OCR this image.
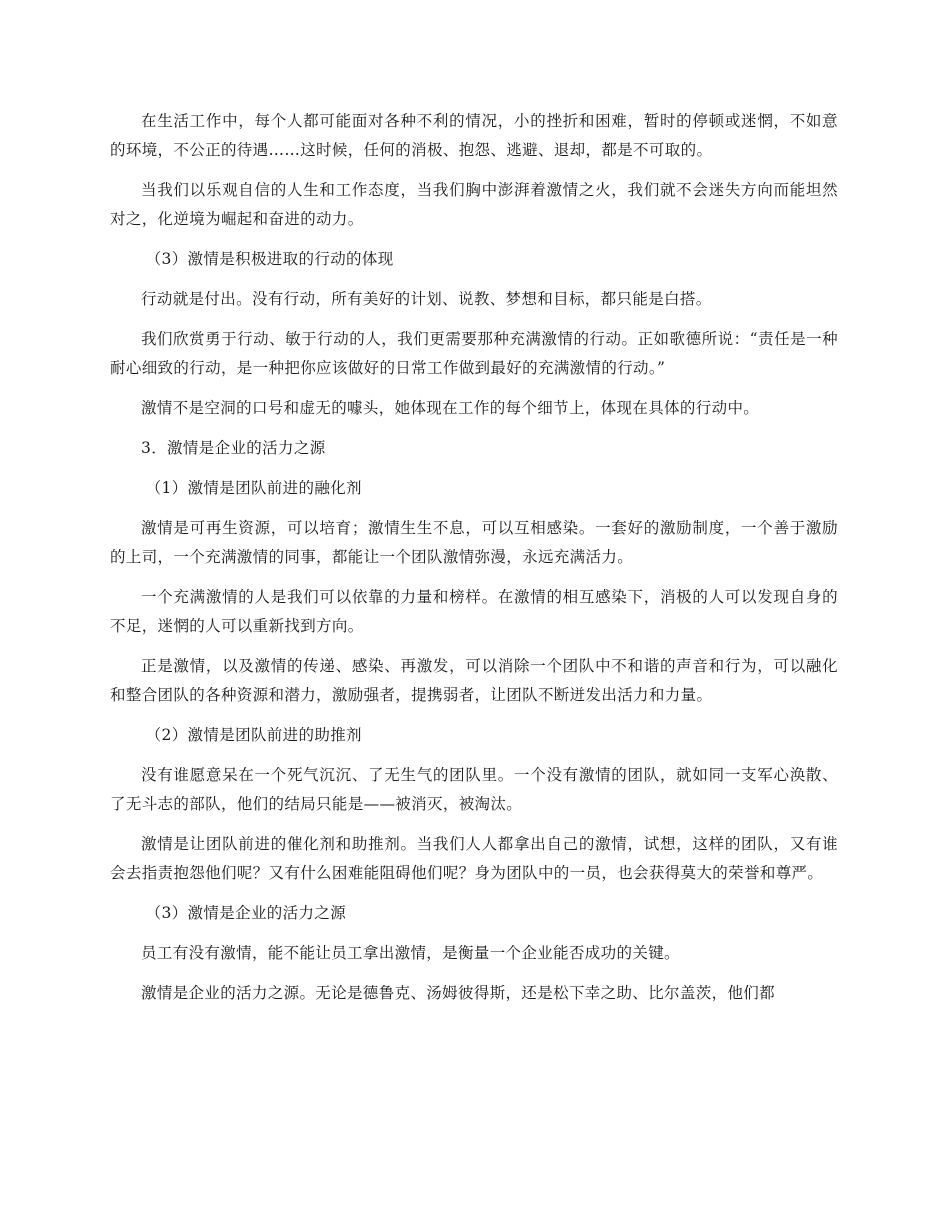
在生活工作中，每个人都可能面对各种不利的情况，小的挫折和困难，暂时的停顿或迷惘，不如意的环境，不公正的待遇……这时候，任何的消极、抱怨、逃避、退却，都是不可取的。

当我们以乐观自信的人生和工作态度，当我们胸中澎湃着激情之火，我们就不会迷失方向而能坦然对之，化逆境为崛起和奋进的动力。

（3）激情是积极进取的行动的体现

行动就是付出。没有行动，所有美好的计划、说教、梦想和目标，都只能是白搭。

我们欣赏勇于行动、敏于行动的人，我们更需要那种充满激情的行动。正如歌德所说：“责任是一种耐心细致的行动，是一种把你应该做好的日常工作做到最好的充满激情的行动。”

激情不是空洞的口号和虚无的噱头，她体现在工作的每个细节上，体现在具体的行动中。

3．激情是企业的活力之源

（1）激情是团队前进的融化剂

激情是可再生资源，可以培育；激情生生不息，可以互相感染。一套好的激励制度，一个善于激励的上司，一个充满激情的同事，都能让一个团队激情弥漫，永远充满活力。

一个充满激情的人是我们可以依靠的力量和榜样。在激情的相互感染下，消极的人可以发现自身的不足，迷惘的人可以重新找到方向。

正是激情，以及激情的传递、感染、再激发，可以消除一个团队中不和谐的声音和行为，可以融化和整合团队的各种资源和潜力，激励强者，提携弱者，让团队不断迸发出活力和力量。

（2）激情是团队前进的助推剂

没有谁愿意呆在一个死气沉沉、了无生气的团队里。一个没有激情的团队，就如同一支军心涣散、了无斗志的部队，他们的结局只能是——被消灭，被淘汰。

激情是让团队前进的催化剂和助推剂。当我们人人都拿出自己的激情，试想，这样的团队，又有谁会去指责抱怨他们呢？又有什么困难能阻碍他们呢？身为团队中的一员，也会获得莫大的荣誉和尊严。

（3）激情是企业的活力之源

员工有没有激情，能不能让员工拿出激情，是衡量一个企业能否成功的关键。

激情是企业的活力之源。无论是德鲁克、汤姆彼得斯，还是松下幸之助、比尔盖茨，他们都
